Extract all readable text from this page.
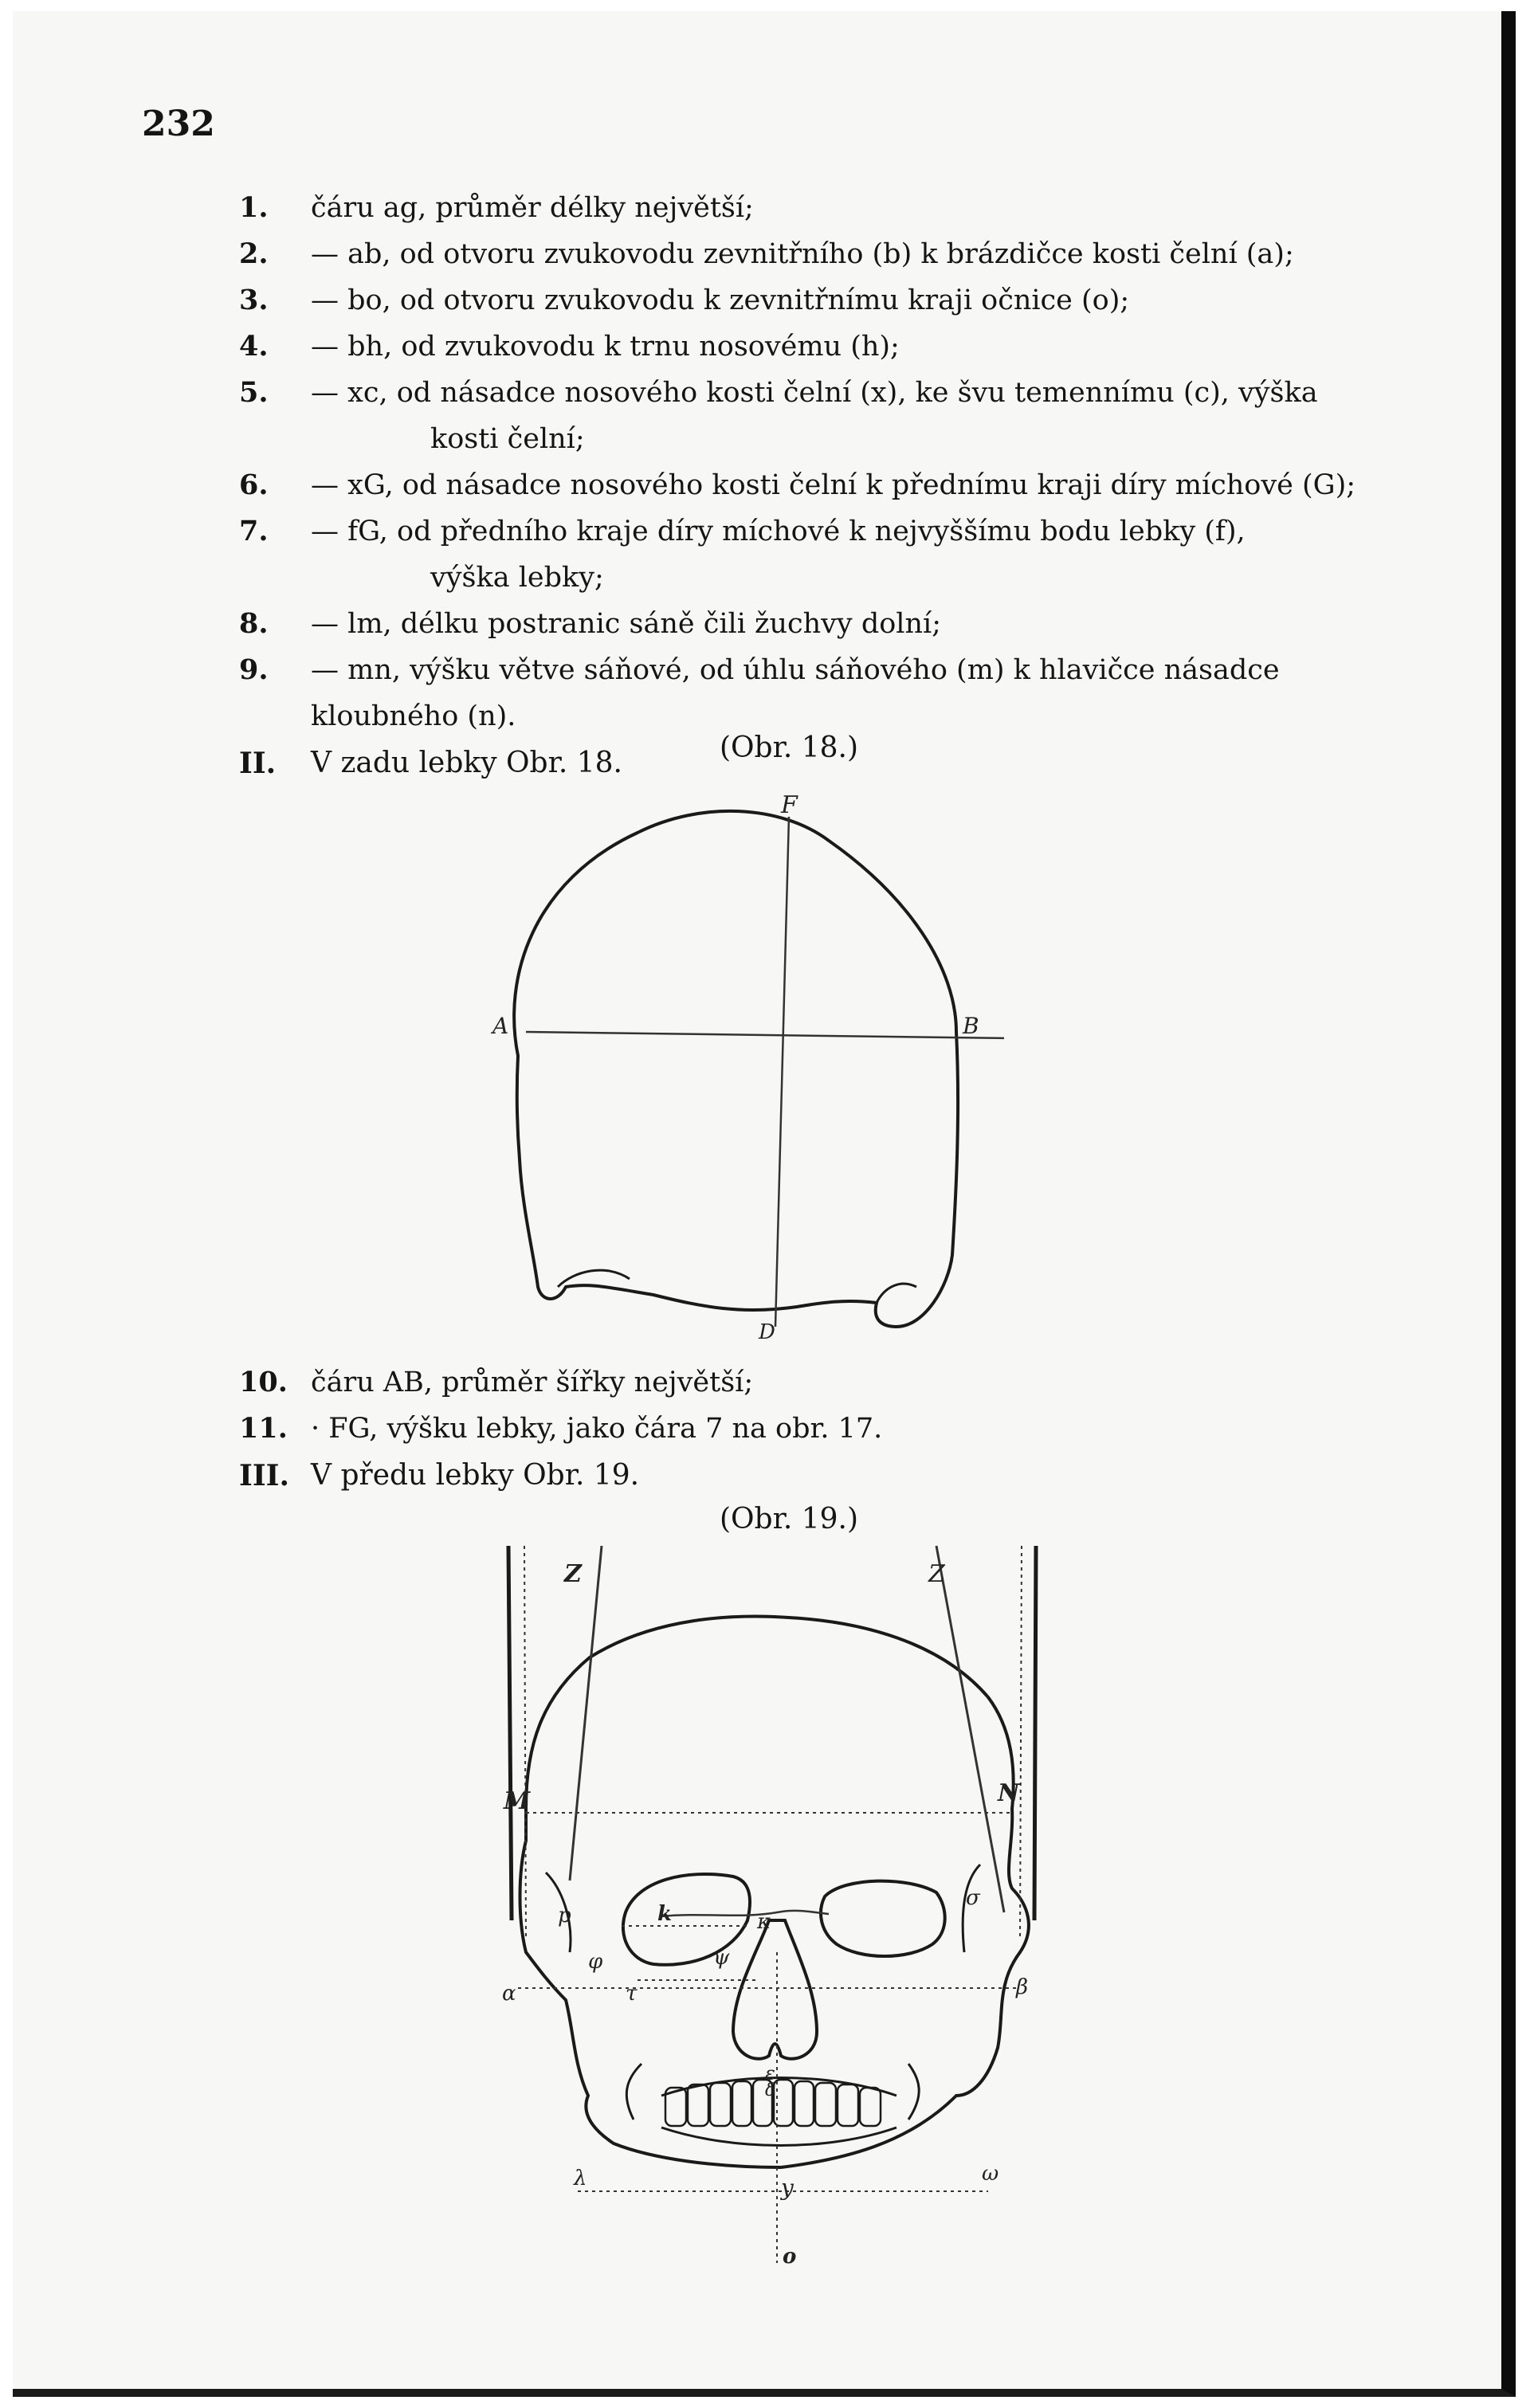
232
1.	čáru ag, průměr délky největší;
2.	— ab, od otvoru zvukovodu zevnitřního (b) k brázdičce kosti čelní (a);
3.	— bo, od otvoru zvukovodu k zevnitřnímu kraji očnice (o);
4.	— bh, od zvukovodu k trnu nosovému (h);
5.	— xc, od násadce nosového kosti čelní (x), ke švu temennímu (c), výška
kosti čelní;
6.	— xG, od násadce nosového kosti čelní k přednímu kraji díry míchové (G);
7.	— fG, od předního kraje díry míchové k nejvyššímu bodu lebky (f),
výška lebky;
8.	— lm, délku postranic sáně čili žuchvy dolní;
9.	— mn, výšku větve sáňové, od úhlu sáňového (m) k hlavičce násadce kloubného (n).
II. V zadu lebky Obr. 18.	(Obr. 18.)
F
A	B
D
10. čáru AB, průměr šířky největší;
11. · FG, výšku lebky, jako čára 7 na obr. 17.
III. V předu lebky Obr. 19.
(Obr. 19.)
Z	Z
M	N
p
σ
k	κ
φ	ψ
τ
α	β
ε
δ
λ	ω
y
o
